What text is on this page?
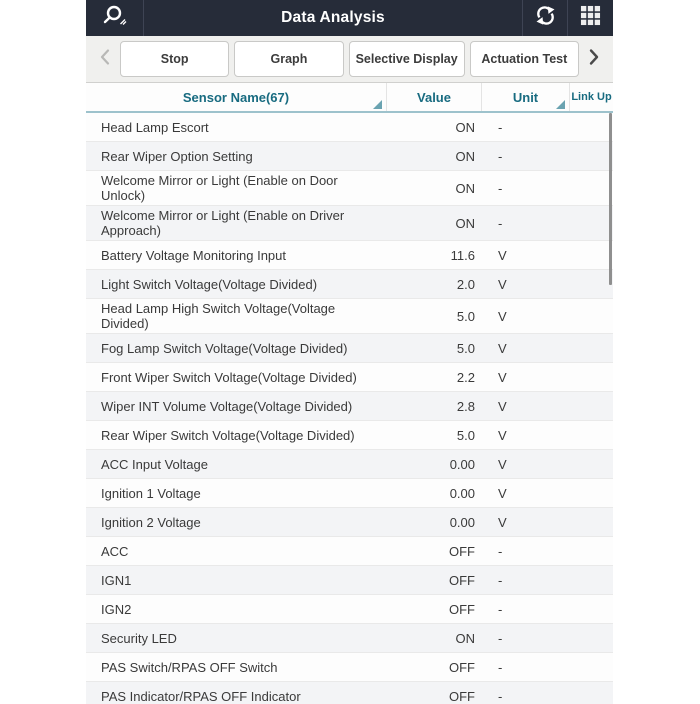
Data Analysis
Stop	Graph	Selective Display	Actuation Test
Sensor Name(67)	Value	Unit	Link Up
Head Lamp Escort	ON	-
Rear Wiper Option Setting	ON	-
Welcome Mirror or Light (Enable on Door Unlock)	ON	-
Welcome Mirror or Light (Enable on Driver Approach)	ON	-
Battery Voltage Monitoring Input	11.6	V
Light Switch Voltage(Voltage Divided)	2.0	V
Head Lamp High Switch Voltage(Voltage Divided)	5.0	V
Fog Lamp Switch Voltage(Voltage Divided)	5.0	V
Front Wiper Switch Voltage(Voltage Divided)	2.2	V
Wiper INT Volume Voltage(Voltage Divided)	2.8	V
Rear Wiper Switch Voltage(Voltage Divided)	5.0	V
ACC Input Voltage	0.00	V
Ignition 1 Voltage	0.00	V
Ignition 2 Voltage	0.00	V
ACC	OFF	-
IGN1	OFF	-
IGN2	OFF	-
Security LED	ON	-
PAS Switch/RPAS OFF Switch	OFF	-
PAS Indicator/RPAS OFF Indicator	OFF	-
